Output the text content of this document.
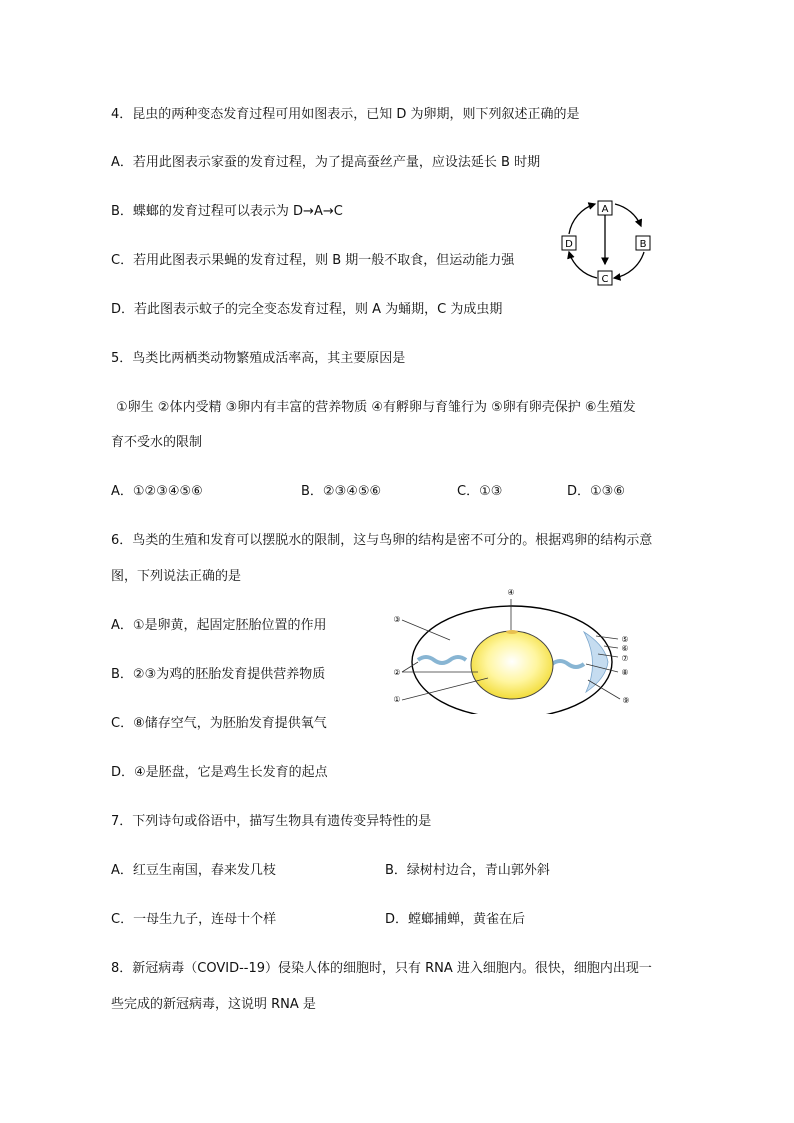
4．昆虫的两种变态发育过程可用如图表示，已知 D 为卵期，则下列叙述正确的是
A．若用此图表示家蚕的发育过程，为了提高蚕丝产量，应设法延长 B 时期
B．蝶螂的发育过程可以表示为 D→A→C
C．若用此图表示果蝇的发育过程，则 B 期一般不取食，但运动能力强
D．若此图表示蚊子的完全变态发育过程，则 A 为蛹期，C 为成虫期
A
B
C
D
5．鸟类比两栖类动物繁殖成活率高，其主要原因是
①卵生 ②体内受精 ③卵内有丰富的营养物质 ④有孵卵与育雏行为 ⑤卵有卵壳保护 ⑥生殖发
育不受水的限制
A．①②③④⑤⑥	B．②③④⑤⑥	C．①③	D．①③⑥
6．鸟类的生殖和发育可以摆脱水的限制，这与鸟卵的结构是密不可分的。根据鸡卵的结构示意
图，下列说法正确的是
A．①是卵黄，起固定胚胎位置的作用
B．②③为鸡的胚胎发育提供营养物质
C．⑧储存空气，为胚胎发育提供氧气
D．④是胚盘，它是鸡生长发育的起点
④
③
②
①
⑤
⑥
⑦
⑧
⑨
7．下列诗句或俗语中，描写生物具有遗传变异特性的是
A．红豆生南国，春来发几枝	B．绿树村边合，青山郭外斜
C．一母生九子，连母十个样	D．螳螂捕蝉，黄雀在后
8．新冠病毒（COVID--19）侵染人体的细胞时，只有 RNA 进入细胞内。很快，细胞内出现一
些完成的新冠病毒，这说明 RNA 是
